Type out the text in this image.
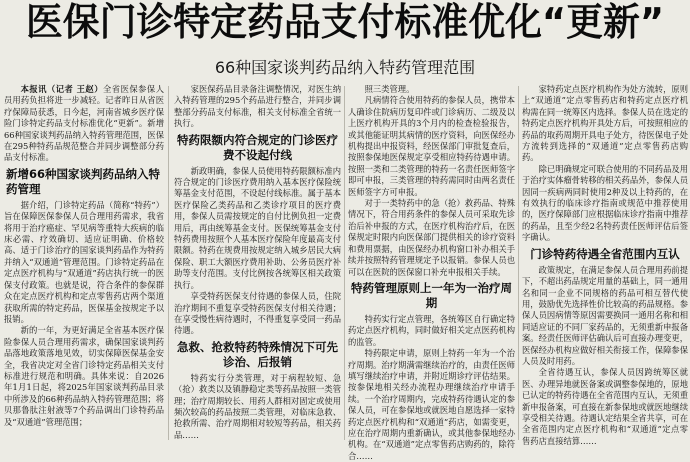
医保门诊特定药品支付标准优化“更新”
66种国家谈判药品纳入特药管理范围

本报讯（记者 王赵）全省医保参保人员用药负担将进一步减轻。记者昨日从省医疗保障局获悉，日今起，河南省城乡医疗保险门诊特定药品支付标准优化“更新”。新增66种国家谈判药品纳入特药管理范围，医保在295种特药品规范整合并同步调整部分药品支付标准。

新增66种国家谈判药品纳入特药管理

据介绍，门诊特定药品（简称“特药”）旨在保障医保参保人员合理用药需求，我省将用于治疗癌症、罕见病等重特大疾病的临床必需、疗效确切、适应证明确、价格较高、适于门诊治疗的国家谈判药品作为特药并纳入“双通道”管理范围。门诊特定药品在定点医疗机构与“双通道”药店执行统一的医保支付政策。也就是说，符合条件的参保群众在定点医疗机构和定点零售药店两个渠道获取所需的特定药品，医保基金按规定予以报销。

新的一年，为更好满足全省基本医疗保险参保人员合理用药需求，确保国家谈判药品落地政策落地见效，切实保障医保基金安全，我省决定对全省门诊特定药品相关支付标准进行规范和明确。具体来说：自2026年1月1日起，将2025年国家谈判药品目录中所涉及的66种药品纳入特药管理范围；将贝那鲁肽注射液等7个药品调出门诊特药品及“双通道”管理范围；

家医保药品目录备注调整情况，对医生纳入特药管理的295个药品进行整合，并同步调整部分药品支付标准，相关支付标准全省统一执行。

特药限额内符合规定的门诊医疗费不设起付线

新政明确，参保人员使用特药限额标准内符合规定的门诊医疗费用纳入基本医疗保险统筹基金支付范围，不设起付线标准。属于基本医疗保险乙类药品和乙类诊疗项目的医疗费用，参保人员需按规定的自付比例负担一定费用后，再由统筹基金支付。医保统筹基金支付特药费用按照个人基本医疗保险年度最高支付限额。特药在规费用按规定纳入城乡居民大病保险、职工大额医疗费用补助、公务员医疗补助等支付范围。支付比例按各统筹区相关政策执行。

享受特药医保支付待遇的参保人员，住院治疗期间不重复享受特药医保支付相关待遇；在享受慢性病待遇时，不得重复享受同一药品待遇。

急救、抢救特药特殊情况下可先诊治、后报销

特药实行分类管理，对于病程较短、急（抢）救类以及镇静稳定类等药品按照一类管理；治疗周期较长、用药人群相对固定或使用频次较高的药品按照二类管理，对临床急救、抢救所需、治疗周期相对较短等药品，相关药品……

照三类管理。

凡病情符合使用特药的参保人员，携带本人确诊住院病历复印件或门诊病历、二级及以上医疗机构开具的3个月内的检查检验报告，或其他能证明其病情的医疗资料，向医保经办机构提出申报资料，经医保部门审批复查后，按照参保地医保规定享受相应特药待遇申请。按照一类和二类管理的特药一名责任医师签字即可申报，三类管理的特药需同时由两名责任医师签字方可申报。

对于一类特药中的急（抢）救药品、特殊情况下，符合用药条件的参保人员可采取先诊治后补申报的方式，在医疗机构治疗后，在医保规定时限内向医保部门提供相关的诊疗资料和费用票据，由医保经办机构窗口补办相关手续并按照特药管理规定予以报销。参保人员也可以在医院的医保窗口补充申报相关手续。

特药管理原则上一年为一治疗周期

特药实行定点管理，各统筹区自行确定特药定点医疗机构，同时做好相关定点医药机构的监管。

特药限定申请，原则上特药一年为一个治疗周期。治疗期满需继续治疗的，由责任医师填写继续治疗申请，并附近期诊疗评估结果。按参保地相关经办流程办理继续治疗申请手续。一个治疗周期内，完成特药待遇认定的参保人员，可在参保地或就医地自愿选择一家特药定点医疗机构和“双通道”药店，如需变更，应在治疗周期内重新确认，或其他参保地经办机构。在“双通道”定点零售药店购药的，除符合……

家特药定点医疗机构作为处方流转，原则上“双通道”定点零售药店和特药定点医疗机构需在同一统筹区内选择。参保人员在选定的特药定点医疗机构开具处方后，可按照相应的药品的取药周期开具电子处方，待医保电子处方流转到选择的“双通道”定点零售药店购药。

除已明确规定可联合使用的不同药品及用于治疗实体瘤骨转移的相关药品外，参保人员因同一疾病两同时使用2种及以上特药的，在有效执行的临床诊疗指南或规范中推荐使用的，医疗保障部门应根据临床诊疗指南中推荐的药品，且至少经2名特药责任医师评估后签字确认。

门诊特药待遇全省范围内互认

政策规定，在满足参保人员合理用药前提下，不超出药品规定用量的基础上，同一通用名和同一企业不同规格的药品可相互替代使用，鼓励优先选择性价比较高的药品规格。参保人员因病情等原因需要换同一通用名称和相同适应证的不同厂家药品的，无须重新申报备案。经责任医师评估确认后可直接办理变更，医保经办机构应做好相关衔接工作，保障参保人员及时用药。

全省待遇互认，参保人员因跨统筹区就医、办理异地就医备案或调整参保地的，原地已认定的特药待遇在全省范围内互认，无须重新申报备案，可直接在新参保地或就医地继续享受相关待遇。待遇认定结果全省共享，可在全省范围内定点医疗机构和“双通道”定点零售药店直接结算……
